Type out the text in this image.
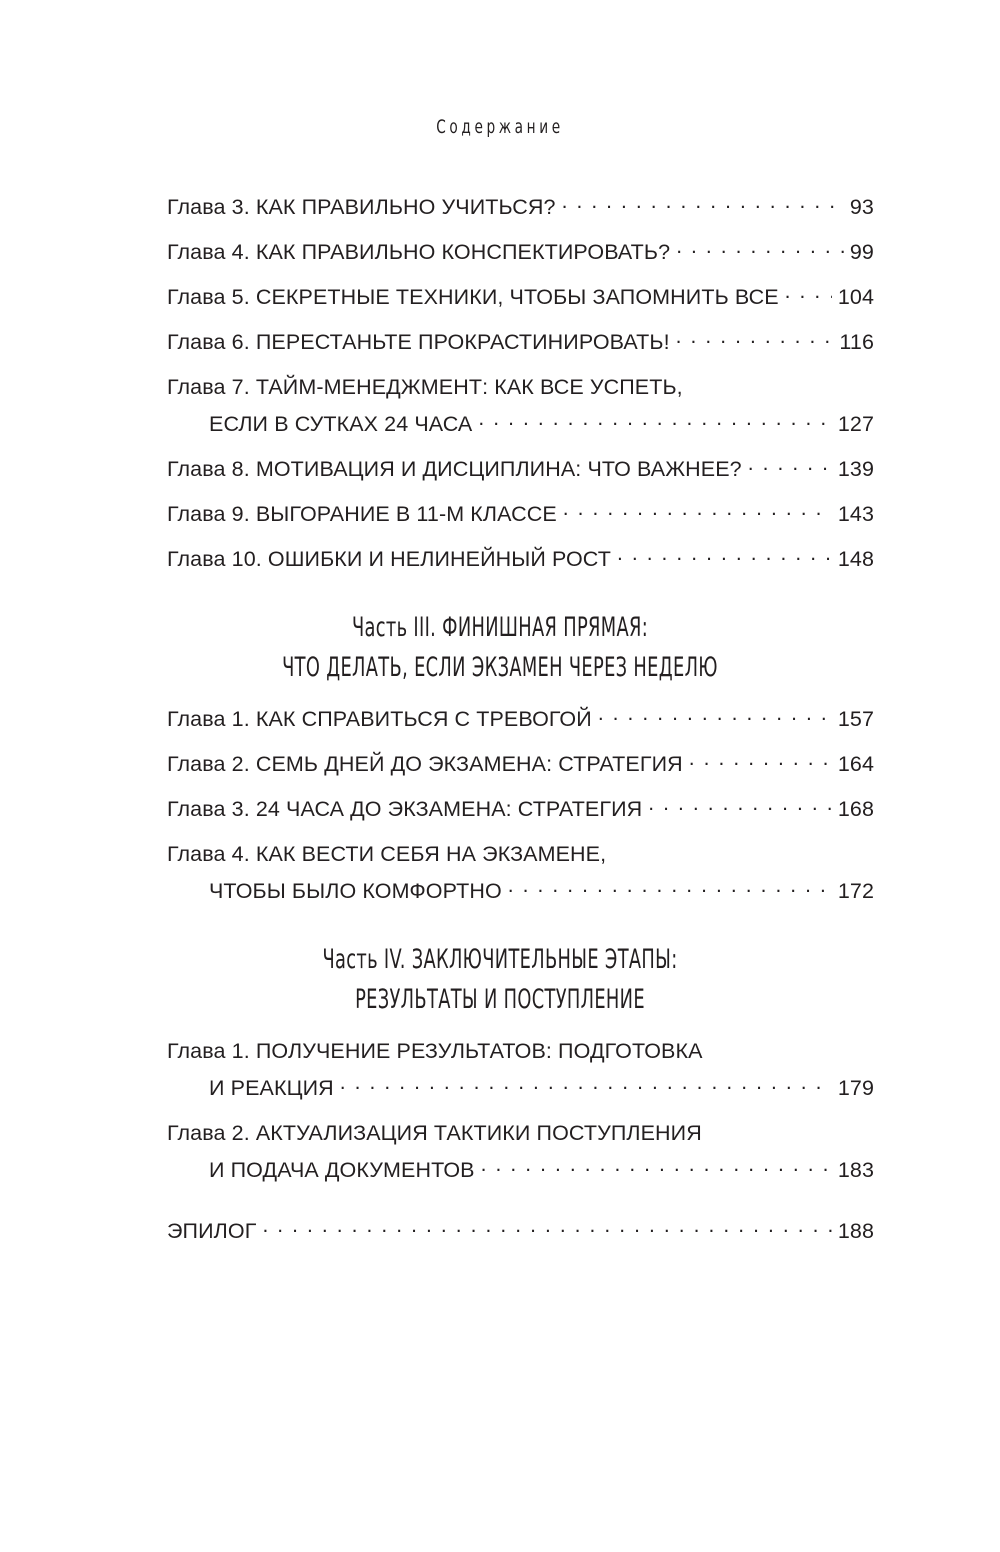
Содержание
Глава 3. КАК ПРАВИЛЬНО УЧИТЬСЯ? . . .	93
Глава 4. КАК ПРАВИЛЬНО КОНСПЕКТИРОВАТЬ? . . .	99
Глава 5. СЕКРЕТНЫЕ ТЕХНИКИ, ЧТОБЫ ЗАПОМНИТЬ ВСЕ . . .	104
Глава 6. ПЕРЕСТАНЬТЕ ПРОКРАСТИНИРОВАТЬ! . . .	116
Глава 7. ТАЙМ-МЕНЕДЖМЕНТ: КАК ВСЕ УСПЕТЬ,
ЕСЛИ В СУТКАХ 24 ЧАСА . . .	127
Глава 8. МОТИВАЦИЯ И ДИСЦИПЛИНА: ЧТО ВАЖНЕЕ? . . .	139
Глава 9. ВЫГОРАНИЕ В 11-М КЛАССЕ . . .	143
Глава 10. ОШИБКИ И НЕЛИНЕЙНЫЙ РОСТ . . .	148
Часть III. ФИНИШНАЯ ПРЯМАЯ:
ЧТО ДЕЛАТЬ, ЕСЛИ ЭКЗАМЕН ЧЕРЕЗ НЕДЕЛЮ
Глава 1. КАК СПРАВИТЬСЯ С ТРЕВОГОЙ . . .	157
Глава 2. СЕМЬ ДНЕЙ ДО ЭКЗАМЕНА: СТРАТЕГИЯ . . .	164
Глава 3. 24 ЧАСА ДО ЭКЗАМЕНА: СТРАТЕГИЯ . . .	168
Глава 4. КАК ВЕСТИ СЕБЯ НА ЭКЗАМЕНЕ,
ЧТОБЫ БЫЛО КОМФОРТНО . . .	172
Часть IV. ЗАКЛЮЧИТЕЛЬНЫЕ ЭТАПЫ:
РЕЗУЛЬТАТЫ И ПОСТУПЛЕНИЕ
Глава 1. ПОЛУЧЕНИЕ РЕЗУЛЬТАТОВ: ПОДГОТОВКА
И РЕАКЦИЯ . . .	179
Глава 2. АКТУАЛИЗАЦИЯ ТАКТИКИ ПОСТУПЛЕНИЯ
И ПОДАЧА ДОКУМЕНТОВ . . .	183
ЭПИЛОГ . . .	188
